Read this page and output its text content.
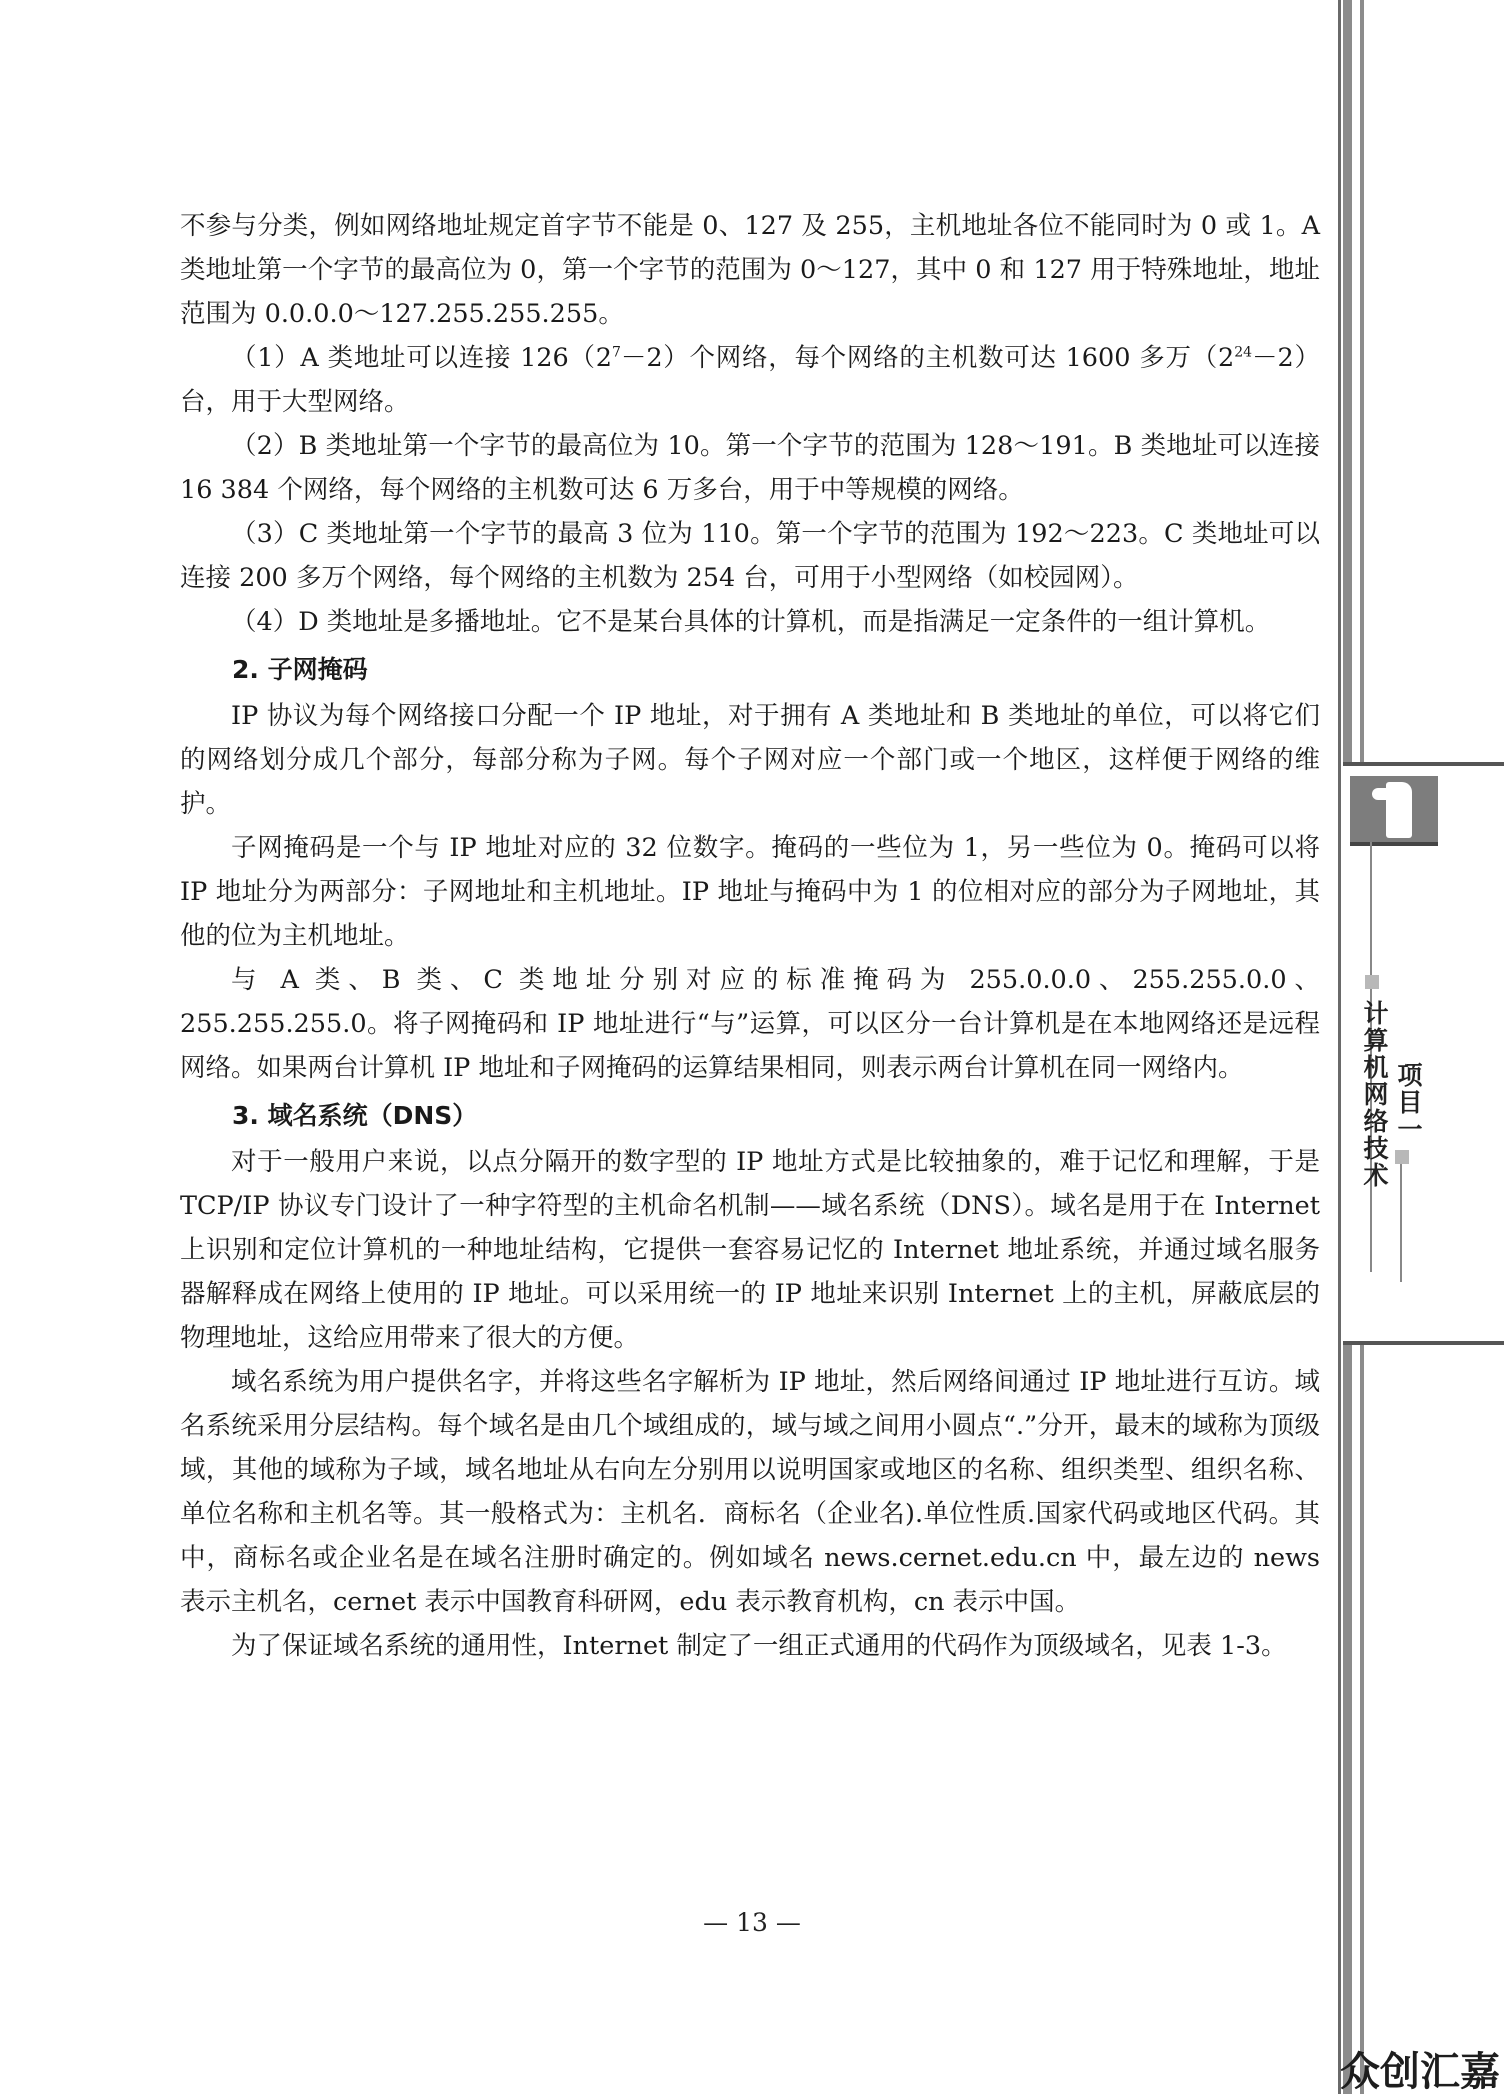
计算机网络技术 项目一

不参与分类，例如网络地址规定首字节不能是 0、127 及 255，主机地址各位不能同时为 0 或 1。A 类地址第一个字节的最高位为 0，第一个字节的范围为 0～127，其中 0 和 127 用于特殊地址，地址范围为 0.0.0.0～127.255.255.255。

（1）A 类地址可以连接 $126(2^7-2)$个网络，每个网络的主机数可达 1600 多万$(2^{24}-2)$台，用于大型网络。

（2）B 类地址第一个字节的最高位为 10。第一个字节的范围为 128～191。B 类地址可以连接 16 384 个网络，每个网络的主机数可达 6 万多台，用于中等规模的网络。

（3）C 类地址第一个字节的最高 3 位为 110。第一个字节的范围为 192～223。C 类地址可以连接 200 多万个网络，每个网络的主机数为 254 台，可用于小型网络（如校园网）。

（4）D 类地址是多播地址。它不是某台具体的计算机，而是指满足一定条件的一组计算机。

2. 子网掩码

IP 协议为每个网络接口分配一个 IP 地址，对于拥有 A 类地址和 B 类地址的单位，可以将它们的网络划分成几个部分，每部分称为子网。每个子网对应一个部门或一个地区，这样便于网络的维护。

子网掩码是一个与 IP 地址对应的 32 位数字。掩码的一些位为 1，另一些位为 0。掩码可以将 IP 地址分为两部分：子网地址和主机地址。IP 地址与掩码中为 1 的位相对应的部分为子网地址，其他的位为主机地址。

与 A 类、B 类、C 类地址分别对应的标准掩码为 255.0.0.0、255.255.0.0、255.255.255.0。将子网掩码和 IP 地址进行“与”运算，可以区分一台计算机是在本地网络还是远程网络。如果两台计算机 IP 地址和子网掩码的运算结果相同，则表示两台计算机在同一网络内。

3. 域名系统（DNS）

对于一般用户来说，以点分隔开的数字型的 IP 地址方式是比较抽象的，难于记忆和理解，于是 TCP/IP 协议专门设计了一种字符型的主机命名机制——域名系统（DNS）。域名是用于在 Internet 上识别和定位计算机的一种地址结构，它提供一套容易记忆的 Internet 地址系统，并通过域名服务器解释成在网络上使用的 IP 地址。可以采用统一的 IP 地址来识别 Internet 上的主机，屏蔽底层的物理地址，这给应用带来了很大的方便。

域名系统为用户提供名字，并将这些名字解析为 IP 地址，然后网络间通过 IP 地址进行互访。域名系统采用分层结构。每个域名是由几个域组成的，域与域之间用小圆点“.”分开，最末的域称为顶级域，其他的域称为子域，域名地址从右向左分别用以说明国家或地区的名称、组织类型、组织名称、单位名称和主机名等。其一般格式为：主机名．商标名（企业名).单位性质.国家代码或地区代码。其中，商标名或企业名是在域名注册时确定的。例如域名 news.cernet.edu.cn 中，最左边的 news 表示主机名，cernet 表示中国教育科研网，edu 表示教育机构，cn 表示中国。

为了保证域名系统的通用性，Internet 制定了一组正式通用的代码作为顶级域名，见表 1-3。

— 13 —
众创汇嘉
